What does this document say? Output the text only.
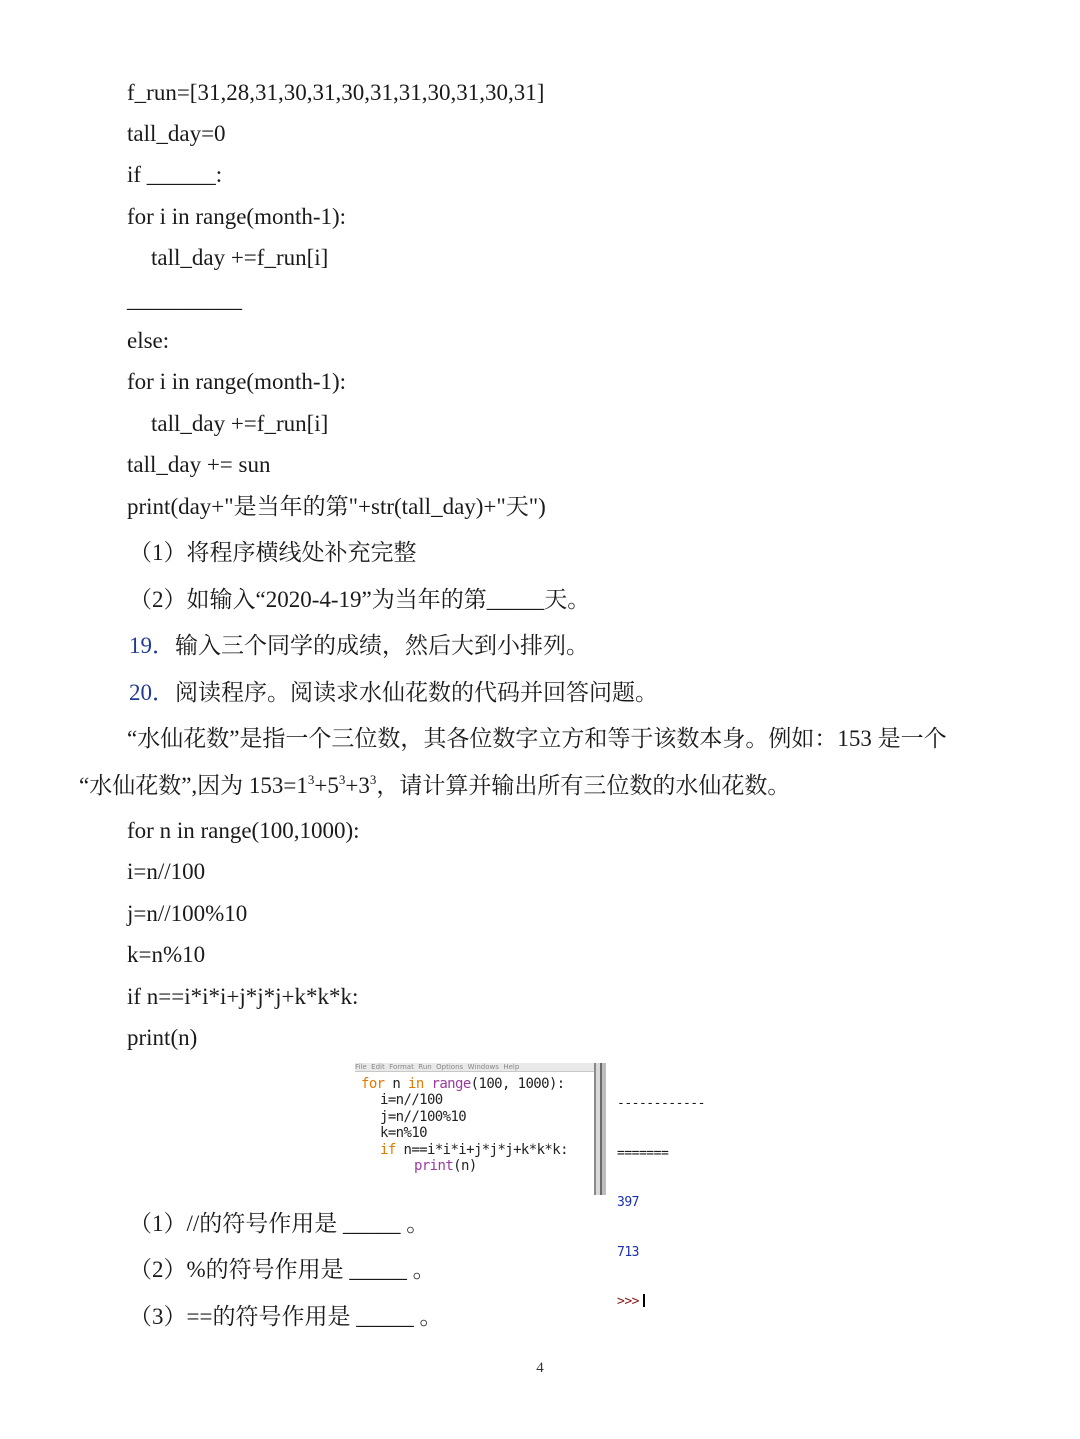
f_run=[31,28,31,30,31,30,31,31,30,31,30,31]
tall_day=0
if ______:
for i in range(month-1):
tall_day +=f_run[i]
__________
else:
for i in range(month-1):
tall_day +=f_run[i]
tall_day += sun
print(day+"是当年的第"+str(tall_day)+"天")
（1）将程序横线处补充完整
（2）如输入“2020-4-19”为当年的第_____天。
19．输入三个同学的成绩，然后大到小排列。
20．阅读程序。阅读求水仙花数的代码并回答问题。
“水仙花数”是指一个三位数，其各位数字立方和等于该数本身。例如：153 是一个
“水仙花数”,因为 $153=1^3+5^3+3^3$，请计算并输出所有三位数的水仙花数。
for n in range(100,1000):
i=n//100
j=n//100%10
k=n%10
if n==i*i*i+j*j*j+k*k*k:
print(n)
File  Edit  Format  Run  Options  Windows  Help

for n in range(100, 1000):

i=n//100

j=n//100%10

k=n%10

if n==i*i*i+j*j*j+k*k*k:

print(n)

------------

=======

397

713

>>>

（1）//的符号作用是 _____ 。
（2）%的符号作用是 _____ 。
（3）==的符号作用是 _____ 。
4
